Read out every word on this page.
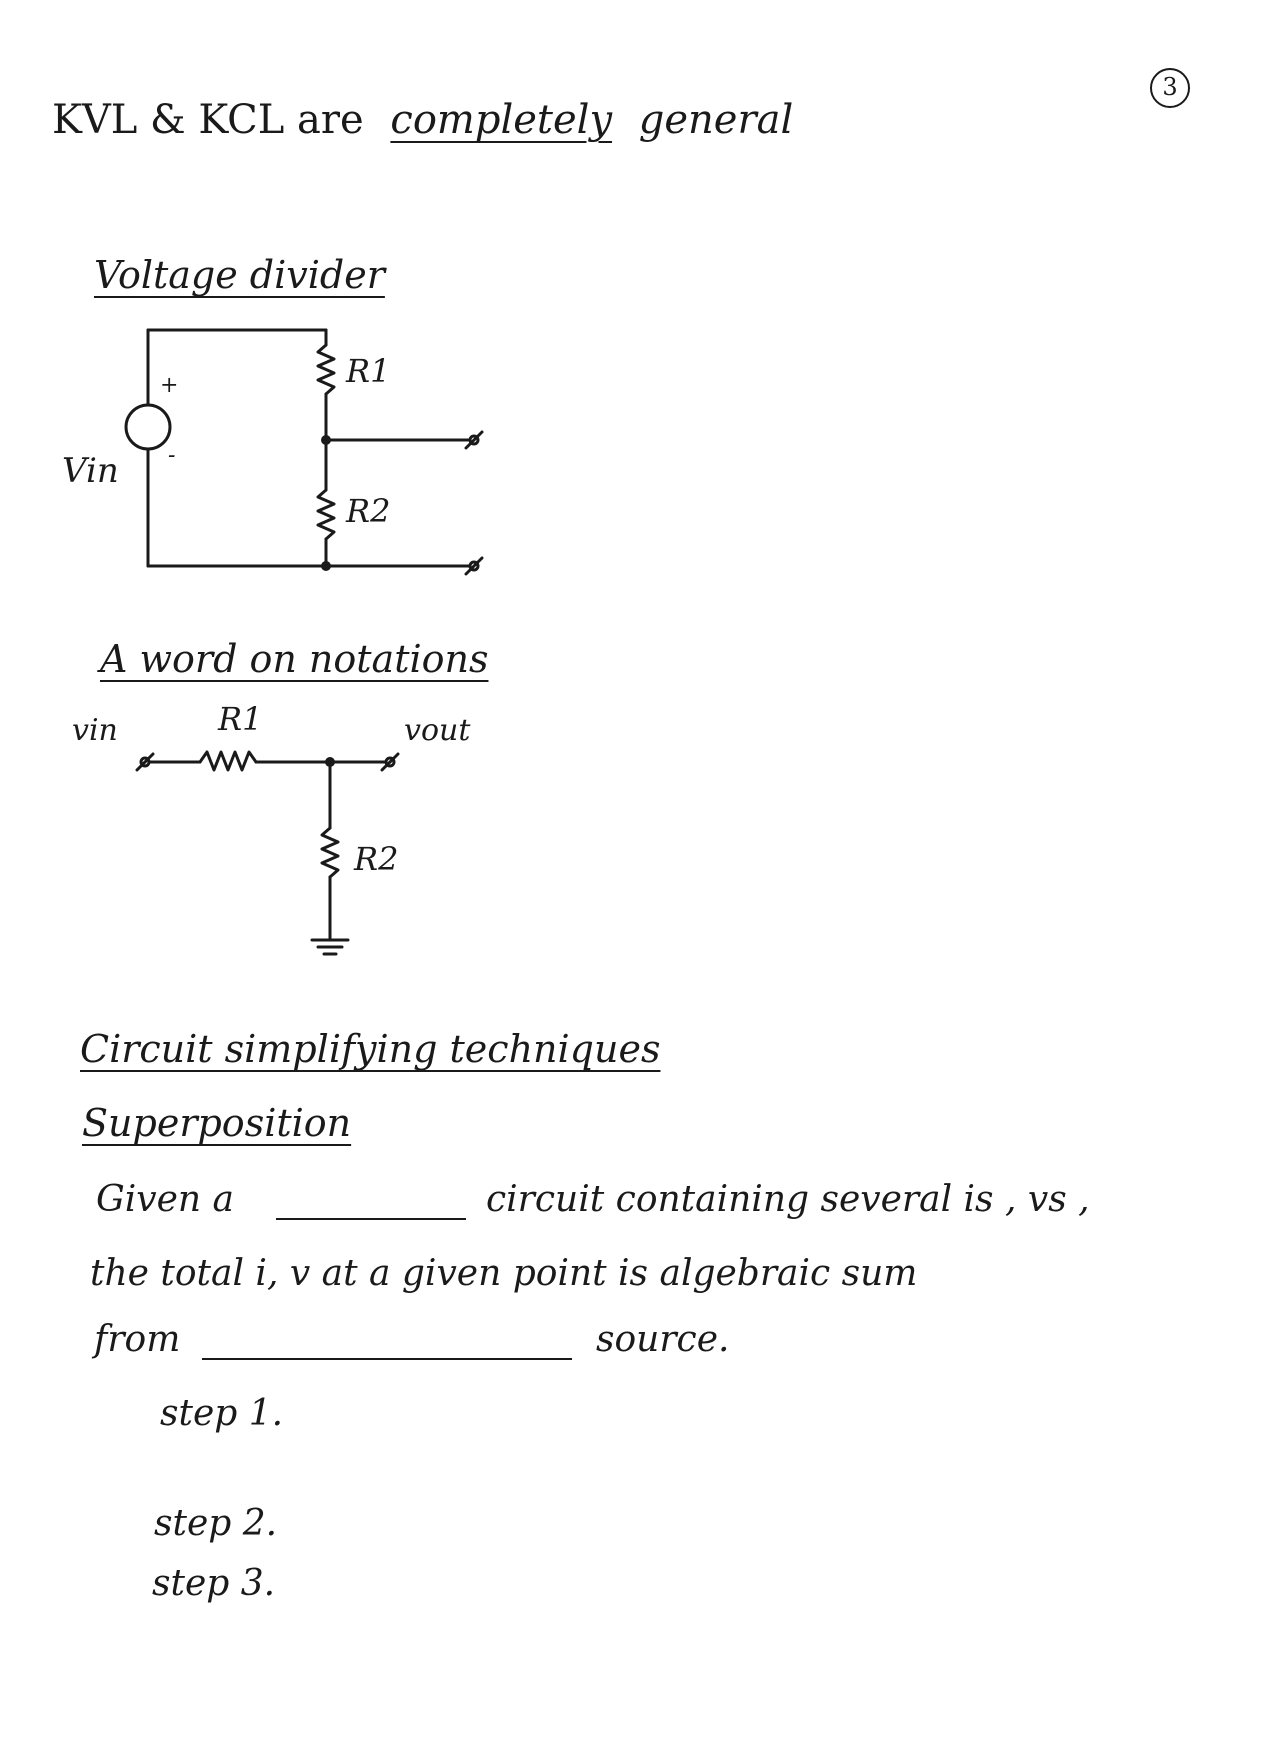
3
KVL & KCL are completely general
Voltage divider
+
-
Vin
R1
R2
A word on notations
vin	R1	vout
R2
Circuit simplifying techniques
Superposition
Given a	circuit containing several is , vs ,
the total i, v at a given point is algebraic sum
from	source.
step 1.
step 2.
step 3.
